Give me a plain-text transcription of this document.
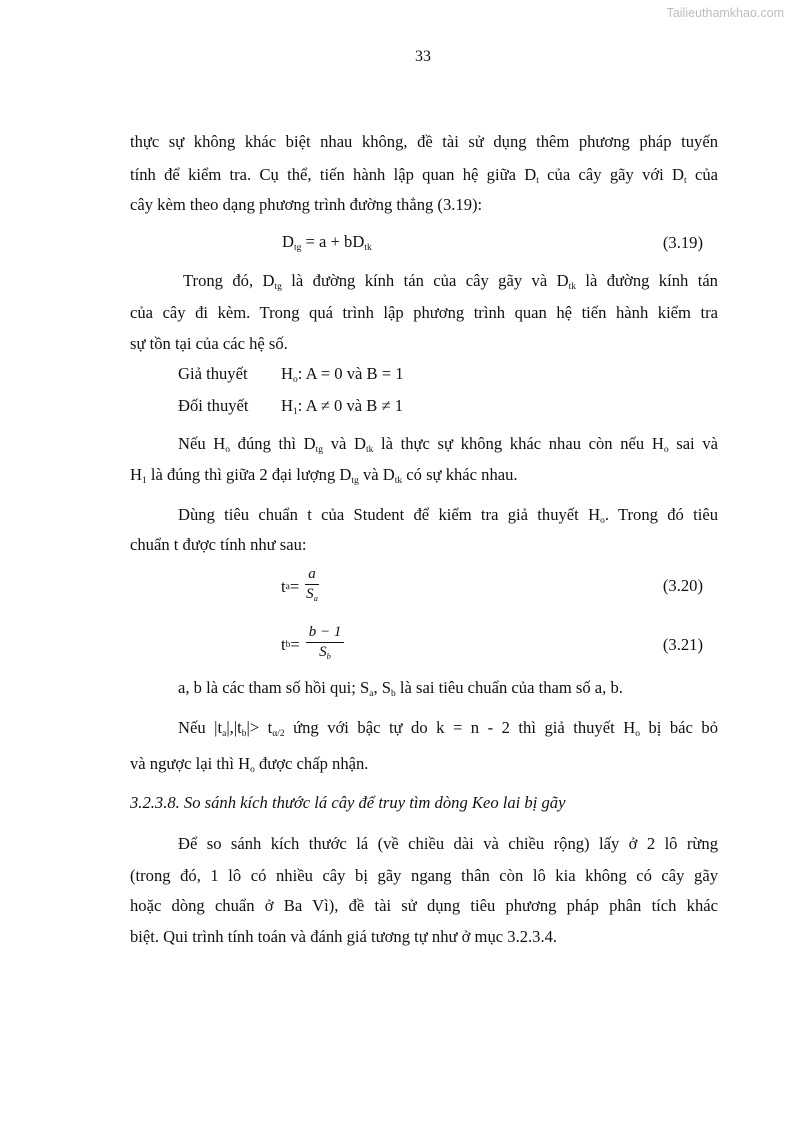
Tailieuthamkhao.com
33
thực sự không khác biệt nhau không, đề tài sử dụng thêm phương pháp tuyến
tính để kiểm tra. Cụ thể, tiến hành lập quan hệ giữa $D_t$ của cây gãy với $D_t$ của
cây kèm theo dạng phương trình đường thẳng (3.19):
$D_{tg} = a + bD_{tk}$
Trong đó, $D_{tg}$ là đường kính tán của cây gãy và $D_{tk}$ là đường kính tán
của cây đi kèm. Trong quá trình lập phương trình quan hệ tiến hành kiểm tra
sự tồn tại của các hệ số.
Giả thuyết $H_o$: A = 0 và B = 1
Đối thuyết $H_1$: A ≠ 0 và B ≠ 1
Nếu $H_o$ đúng thì $D_{tg}$ và $D_{tk}$ là thực sự không khác nhau còn nếu $H_o$ sai và
$H_1$ là đúng thì giữa 2 đại lượng $D_{tg}$ và $D_{tk}$ có sự khác nhau.
Dùng tiêu chuẩn t của Student để kiểm tra giả thuyết $H_o$. Trong đó tiêu
chuẩn t được tính như sau:
a, b là các tham số hồi qui; $S_a$, $S_b$ là sai tiêu chuẩn của tham số a, b.
Nếu $|t_a|,|t_b|> t_{\alpha/2}$ ứng với bậc tự do k = n - 2 thì giả thuyết $H_o$ bị bác bỏ
và ngược lại thì $H_o$ được chấp nhận.
3.2.3.8. So sánh kích thước lá cây để truy tìm dòng Keo lai bị gãy
Để so sánh kích thước lá (về chiều dài và chiều rộng) lấy ở 2 lô rừng
(trong đó, 1 lô có nhiều cây bị gãy ngang thân còn lô kia không có cây gãy
hoặc dòng chuẩn ở Ba Vì), đề tài sử dụng tiêu phương pháp phân tích khác
biệt. Qui trình tính toán và đánh giá tương tự như ở mục 3.2.3.4.
(3.19)
(3.20)
(3.21)
t $a = \frac{a}{S_a}$
t $b = \frac{b - 1}{S_b}$
